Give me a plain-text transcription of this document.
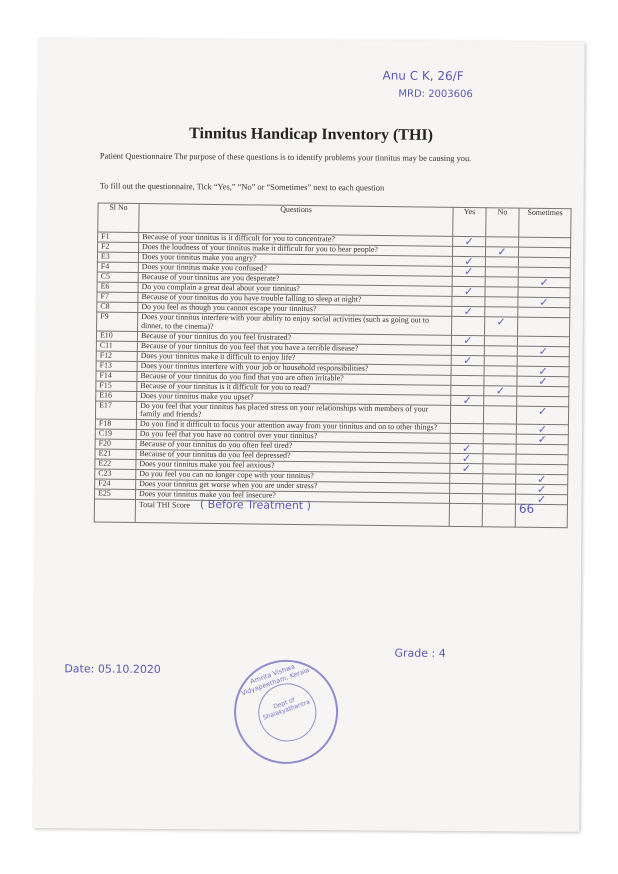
Anu C K, 26/F
MRD: 2003606
Tinnitus Handicap Inventory (THI)
Patient Questionnaire The purpose of these questions is to identify problems your tinnitus may be causing you.
To fill out the questionnaire, Tick “Yes,” “No” or “Sometimes” next to each question
Sl No	Questions	Yes	No	Sometimes
F1	Because of your tinnitus is it difficult for you to concentrate?	✓		

F2	Does the loudness of your tinnitus make it difficult for you to hear people?		✓	

E3	Does your tinnitus make you angry?	✓		

F4	Does your tinnitus make you confused?	✓		

C5	Because of your tinnitus are you desperate?			✓

E6	Do you complain a great deal about your tinnitus?	✓		

F7	Because of your tinnitus do you have trouble falling to sleep at night?			✓

C8	Do you feel as though you cannot escape your tinnitus?	✓		

F9	Does your tinnitus interfere with your ability to enjoy social activities (such as going out to dinner, to the cinema)?		✓	

E10	Because of your tinnitus do you feel frustrated?	✓		

C11	Because of your tinnitus do you feel that you have a terrible disease?			✓

F12	Does your tinnitus make it difficult to enjoy life?	✓		

F13	Does your tinnitus interfere with your job or household responsibilities?			✓

F14	Because of your tinnitus do you find that you are often irritable?			✓

F15	Because of your tinnitus is it difficult for you to read?		✓	

E16	Does your tinnitus make you upset?	✓		

E17	Do you feel that your tinnitus has placed stress on your relationships with members of your family and friends?			✓

F18	Do you find it difficult to focus your attention away from your tinnitus and on to other things?			✓

C19	Do you feel that you have no control over your tinnitus?			✓

F20	Because of your tinnitus do you often feel tired?	✓		

E21	Because of your tinnitus do you feel depressed?	✓		

E22	Does your tinnitus make you feel anxious?	✓		

C23	Do you feel you can no longer cope with your tinnitus?			✓

F24	Does your tinnitus get worse when you are under stress?			✓

E25	Does your tinnitus make you feel insecure?			✓

	Total THI Score ( Before Treatment )			66
Grade : 4
Date: 05.10.2020	Amrita Vishwa Vidyapeetham, Kerala
Dept of Shalakyathantra
